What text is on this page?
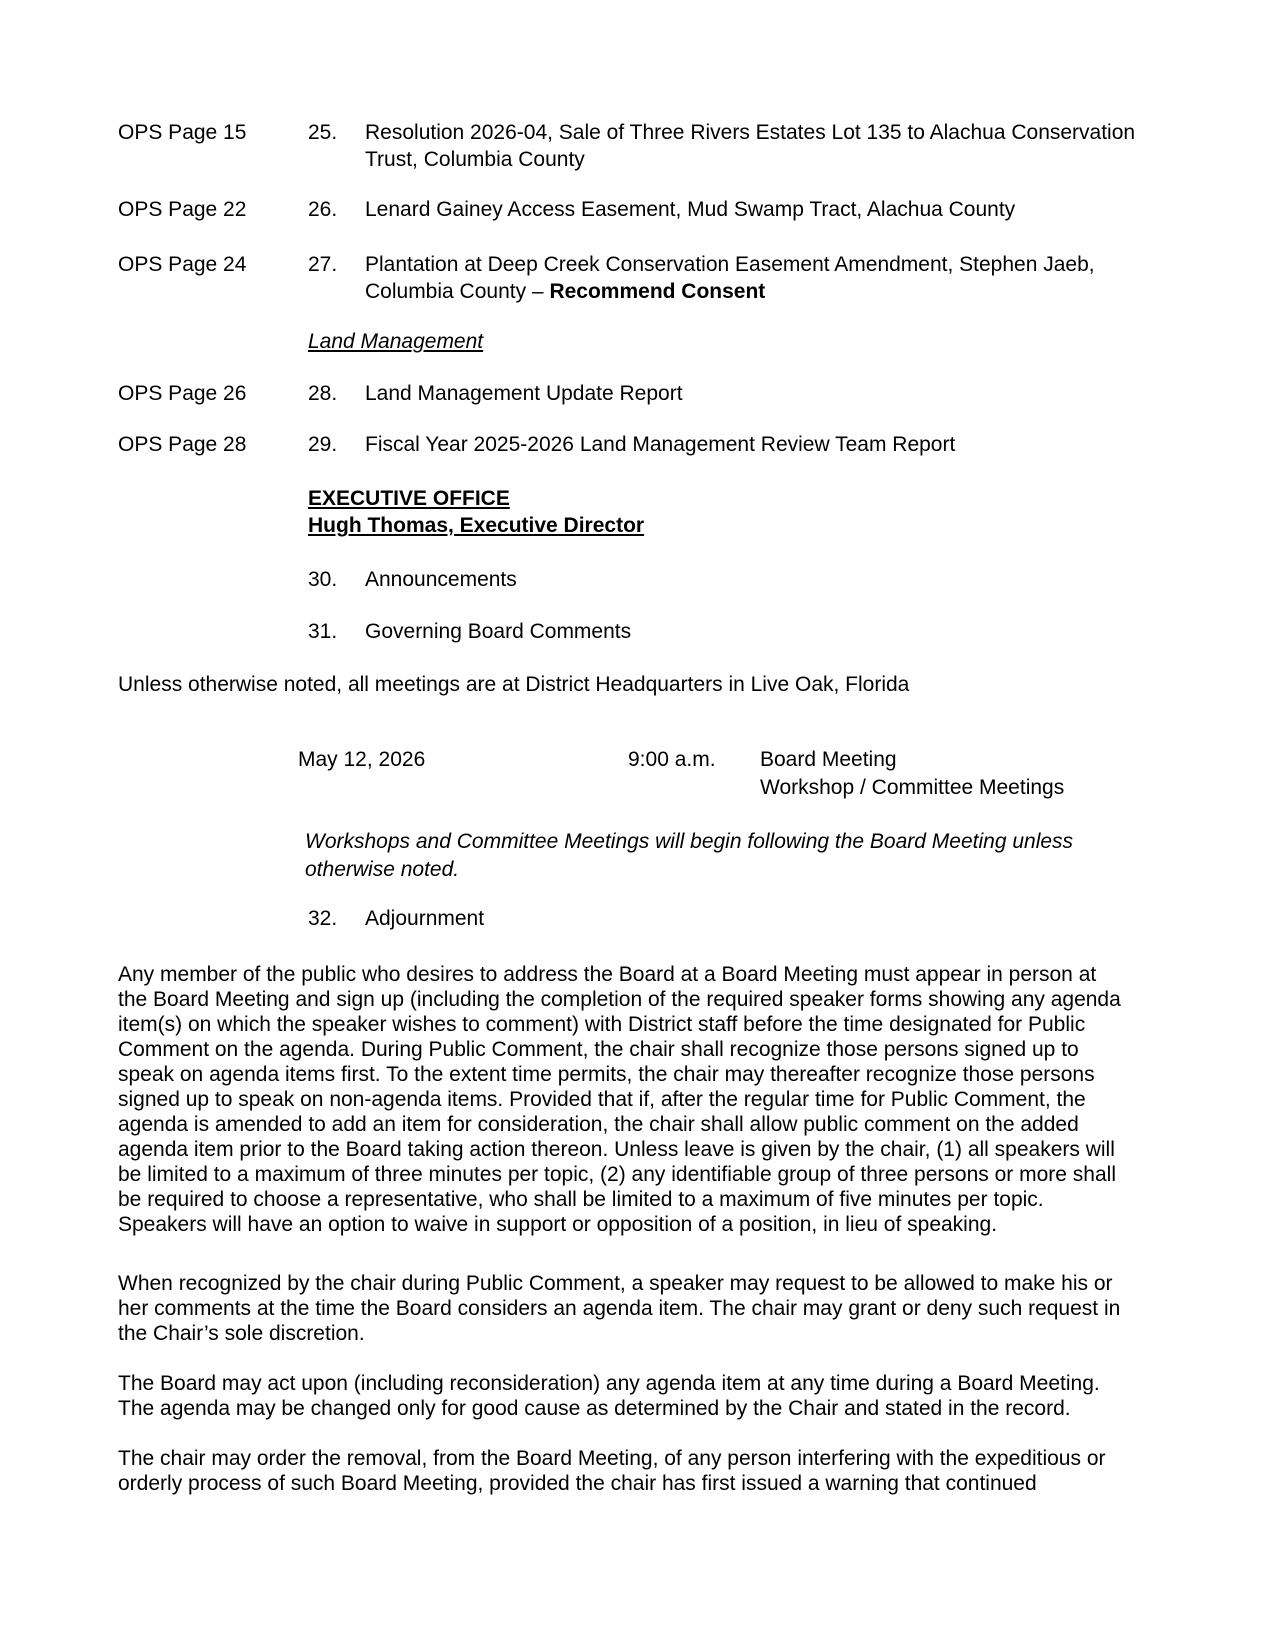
OPS Page 15	25.	Resolution 2026-04, Sale of Three Rivers Estates Lot 135 to Alachua Conservation Trust, Columbia County
OPS Page 22	26.	Lenard Gainey Access Easement, Mud Swamp Tract, Alachua County
OPS Page 24	27.	Plantation at Deep Creek Conservation Easement Amendment, Stephen Jaeb, Columbia County – Recommend Consent
Land Management
OPS Page 26	28.	Land Management Update Report
OPS Page 28	29.	Fiscal Year 2025-2026 Land Management Review Team Report
EXECUTIVE OFFICE
Hugh Thomas, Executive Director
30.	Announcements
31.	Governing Board Comments
Unless otherwise noted, all meetings are at District Headquarters in Live Oak, Florida
May 12, 2026	9:00 a.m.	Board Meeting
Workshop / Committee Meetings
Workshops and Committee Meetings will begin following the Board Meeting unless otherwise noted.
32.	Adjournment
Any member of the public who desires to address the Board at a Board Meeting must appear in person at the Board Meeting and sign up (including the completion of the required speaker forms showing any agenda item(s) on which the speaker wishes to comment) with District staff before the time designated for Public Comment on the agenda. During Public Comment, the chair shall recognize those persons signed up to speak on agenda items first. To the extent time permits, the chair may thereafter recognize those persons signed up to speak on non-agenda items. Provided that if, after the regular time for Public Comment, the agenda is amended to add an item for consideration, the chair shall allow public comment on the added agenda item prior to the Board taking action thereon. Unless leave is given by the chair, (1) all speakers will be limited to a maximum of three minutes per topic, (2) any identifiable group of three persons or more shall be required to choose a representative, who shall be limited to a maximum of five minutes per topic. Speakers will have an option to waive in support or opposition of a position, in lieu of speaking.
When recognized by the chair during Public Comment, a speaker may request to be allowed to make his or her comments at the time the Board considers an agenda item. The chair may grant or deny such request in the Chair’s sole discretion.
The Board may act upon (including reconsideration) any agenda item at any time during a Board Meeting. The agenda may be changed only for good cause as determined by the Chair and stated in the record.
The chair may order the removal, from the Board Meeting, of any person interfering with the expeditious or orderly process of such Board Meeting, provided the chair has first issued a warning that continued
